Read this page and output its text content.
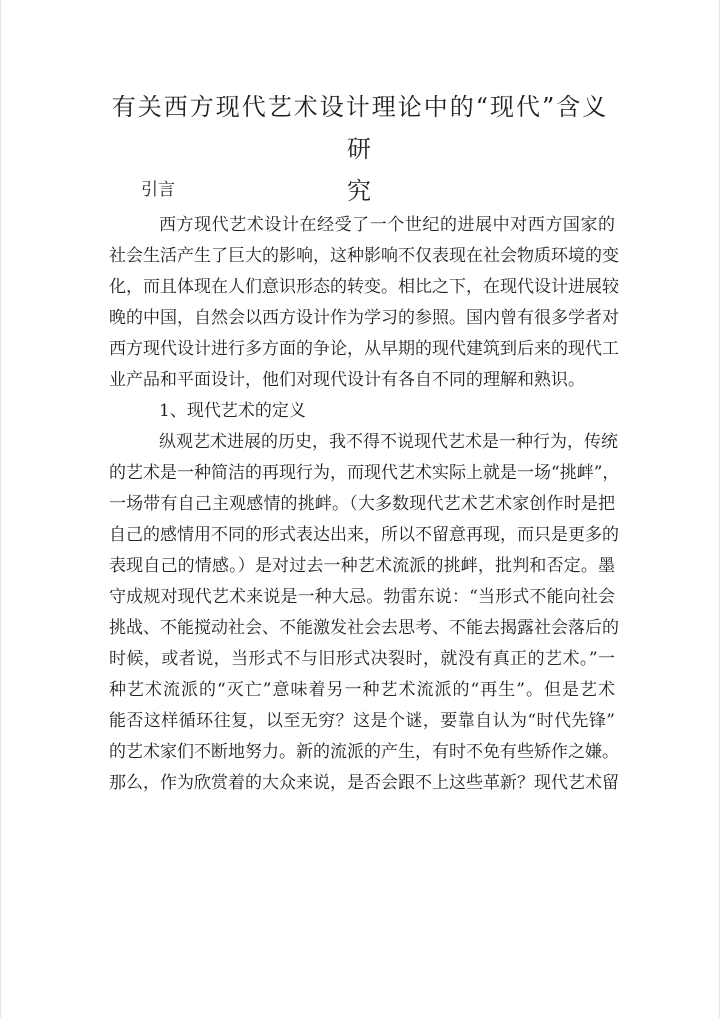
有关西方现代艺术设计理论中的“现代”含义研
究

引言

西方现代艺术设计在经受了一个世纪的进展中对西方国家的
社会生活产生了巨大的影响，这种影响不仅表现在社会物质环境的变
化，而且体现在人们意识形态的转变。相比之下，在现代设计进展较
晚的中国，自然会以西方设计作为学习的参照。国内曾有很多学者对
西方现代设计进行多方面的争论，从早期的现代建筑到后来的现代工
业产品和平面设计，他们对现代设计有各自不同的理解和熟识。
1、现代艺术的定义
纵观艺术进展的历史，我不得不说现代艺术是一种行为，传统
的艺术是一种简洁的再现行为，而现代艺术实际上就是一场“挑衅”，
一场带有自己主观感情的挑衅。（大多数现代艺术艺术家创作时是把
自己的感情用不同的形式表达出来，所以不留意再现，而只是更多的
表现自己的情感。）是对过去一种艺术流派的挑衅，批判和否定。墨
守成规对现代艺术来说是一种大忌。勃雷东说：“当形式不能向社会
挑战、不能搅动社会、不能激发社会去思考、不能去揭露社会落后的
时候，或者说，当形式不与旧形式决裂时，就没有真正的艺术。”一
种艺术流派的“灭亡”意味着另一种艺术流派的“再生”。但是艺术
能否这样循环往复，以至无穷？这是个谜，要靠自认为“时代先锋”
的艺术家们不断地努力。新的流派的产生，有时不免有些矫作之嫌。
那么，作为欣赏着的大众来说，是否会跟不上这些革新？现代艺术留
